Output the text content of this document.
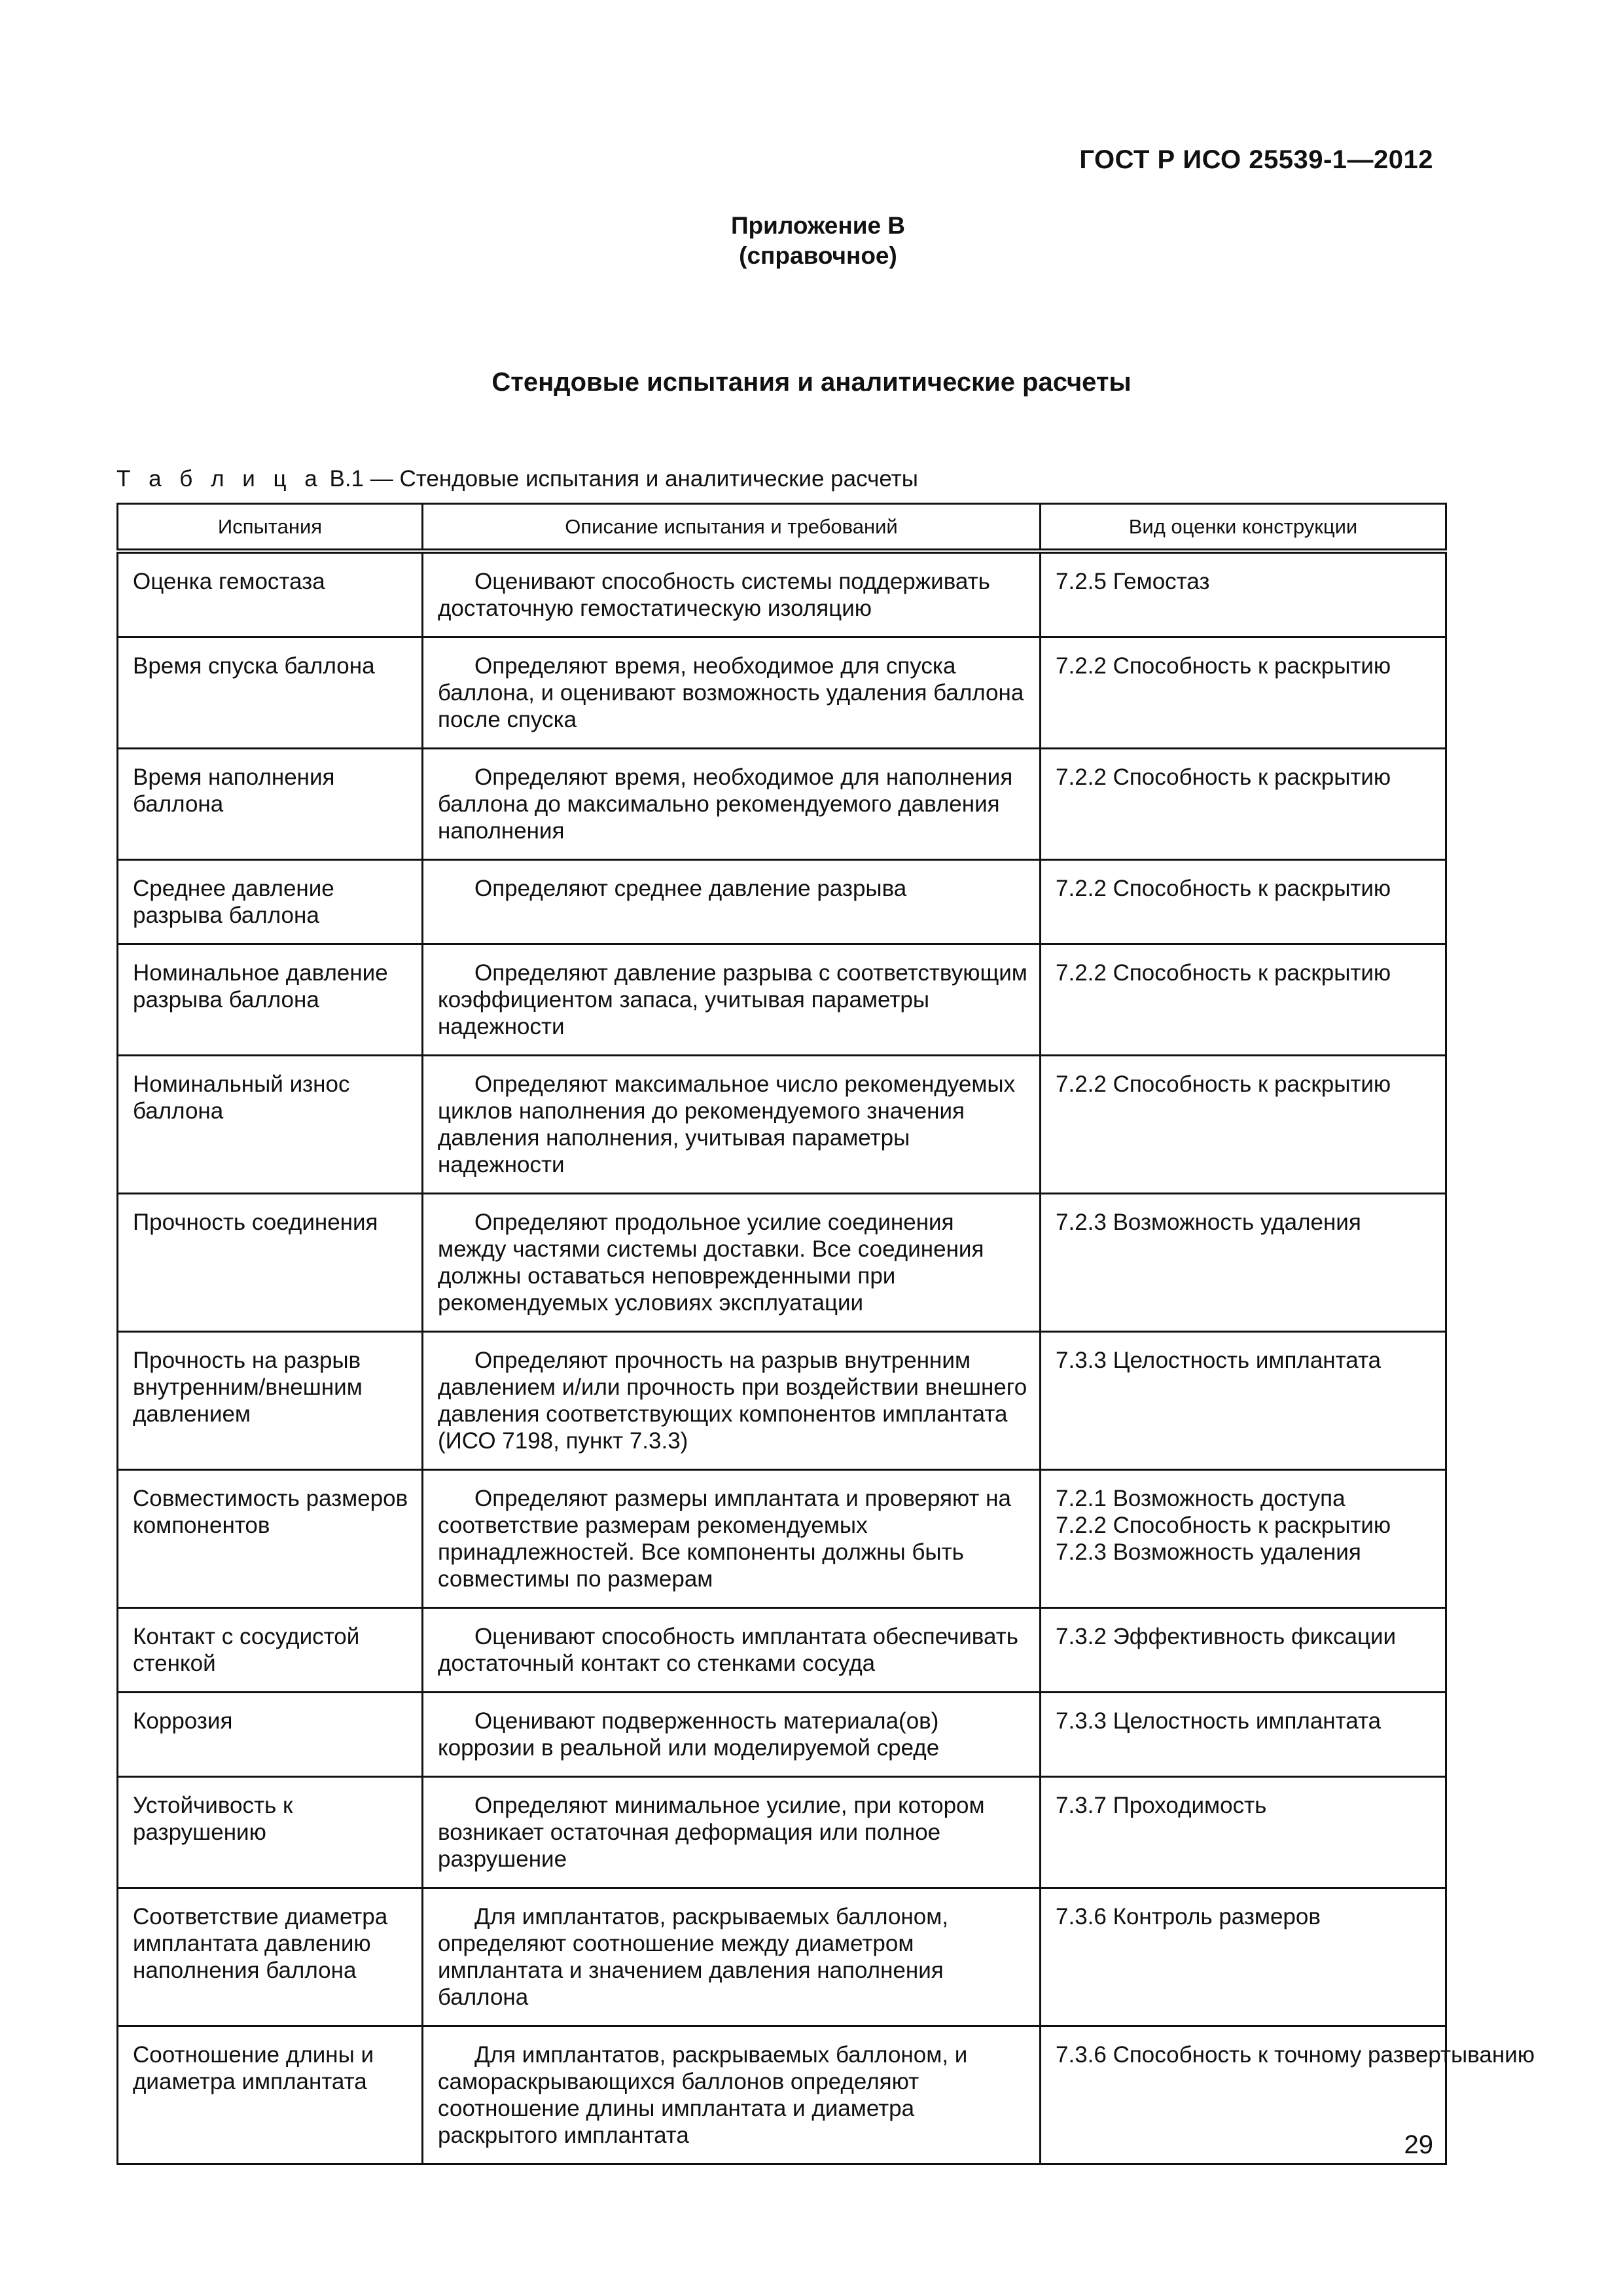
ГОСТ Р ИСО 25539-1—2012
Приложение В
(справочное)
Стендовые испытания и аналитические расчеты
Т а б л и ц а В.1 — Стендовые испытания и аналитические расчеты
Испытания	Описание испытания и требований	Вид оценки конструкции
Оценка гемостаза	Оценивают способность системы поддерживать достаточную гемостатическую изоляцию	7.2.5 Гемостаз

Время спуска баллона	Определяют время, необходимое для спуска баллона, и оценивают возможность удаления баллона после спуска	7.2.2 Способность к раскрытию

Время наполнения баллона	Определяют время, необходимое для наполнения баллона до максимально рекомендуемого давления наполнения	7.2.2 Способность к раскрытию

Среднее давление разрыва баллона	Определяют среднее давление разрыва	7.2.2 Способность к раскрытию

Номинальное давление разрыва баллона	Определяют давление разрыва с соответствующим коэффициентом запаса, учитывая параметры надежности	7.2.2 Способность к раскрытию

Номинальный износ баллона	Определяют максимальное число рекомендуемых циклов наполнения до рекомендуемого значения давления наполнения, учитывая параметры надежности	7.2.2 Способность к раскрытию

Прочность соединения	Определяют продольное усилие соединения между частями системы доставки. Все соединения должны оставаться неповрежденными при рекомендуемых условиях эксплуатации	7.2.3 Возможность удаления

Прочность на разрыв внутренним/внешним давлением	Определяют прочность на разрыв внутренним давлением и/или прочность при воздействии внешнего давления соответствующих компонентов имплантата (ИСО 7198, пункт 7.3.3)	7.3.3 Целостность имплантата

Совместимость размеров компонентов	Определяют размеры имплантата и проверяют на соответствие размерам рекомендуемых принадлежностей. Все компоненты должны быть совместимы по размерам	7.2.1 Возможность доступа
7.2.2 Способность к раскрытию
7.2.3 Возможность удаления

Контакт с сосудистой стенкой	Оценивают способность имплантата обеспечивать достаточный контакт со стенками сосуда	7.3.2 Эффективность фиксации

Коррозия	Оценивают подверженность материала(ов) коррозии в реальной или моделируемой среде	7.3.3 Целостность имплантата

Устойчивость к разрушению	Определяют минимальное усилие, при котором возникает остаточная деформация или полное разрушение	7.3.7 Проходимость

Соответствие диаметра имплантата давлению наполнения баллона	Для имплантатов, раскрываемых баллоном, определяют соотношение между диаметром имплантата и значением давления наполнения баллона	7.3.6 Контроль размеров

Соотношение длины и диаметра имплантата	Для имплантатов, раскрываемых баллоном, и самораскрывающихся баллонов определяют соотношение длины имплантата и диаметра раскрытого имплантата	7.3.6 Способность к точному развертыванию
29
